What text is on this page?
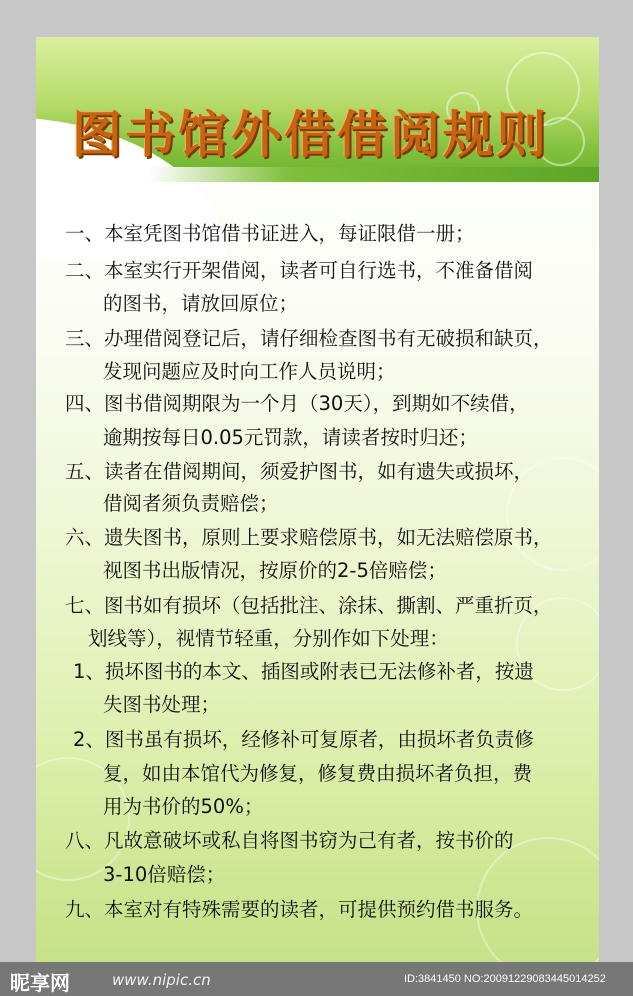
图书馆外借借阅规则
一、本室凭图书馆借书证进入，每证限借一册；
二、本室实行开架借阅，读者可自行选书，不准备借阅
的图书，请放回原位；
三、办理借阅登记后，请仔细检查图书有无破损和缺页，
发现问题应及时向工作人员说明；
四、图书借阅期限为一个月（30天），到期如不续借，
逾期按每日0.05元罚款，请读者按时归还；
五、读者在借阅期间，须爱护图书，如有遗失或损坏，
借阅者须负责赔偿；
六、遗失图书，原则上要求赔偿原书，如无法赔偿原书，
视图书出版情况，按原价的2-5倍赔偿；
七、图书如有损坏（包括批注、涂抹、撕割、严重折页，
划线等），视情节轻重，分别作如下处理：
1、损坏图书的本文、插图或附表已无法修补者，按遗
失图书处理；
2、图书虽有损坏，经修补可复原者，由损坏者负责修
复，如由本馆代为修复，修复费由损坏者负担，费
用为书价的50%；
八、凡故意破坏或私自将图书窃为己有者，按书价的
3-10倍赔偿；
九、本室对有特殊需要的读者，可提供预约借书服务。
昵享网	www.nipic.cn	ID:3841450 NO:20091229083445014252
